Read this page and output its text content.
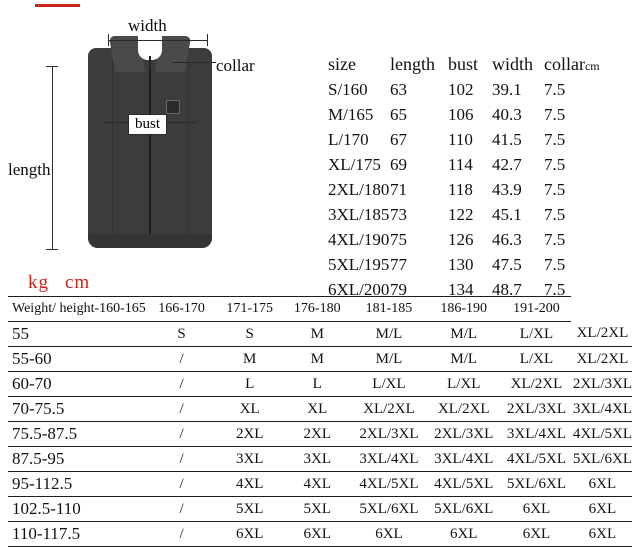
width
collar
length
bust
size	length	bust	width	collarcm
S/160	63	102	39.1	7.5
M/165	65	106	40.3	7.5
L/170	67	110	41.5	7.5
XL/175	69	114	42.7	7.5
2XL/180	71	118	43.9	7.5
3XL/185	73	122	45.1	7.5
4XL/190	75	126	46.3	7.5
5XL/195	77	130	47.5	7.5
6XL/200	79	134	48.7	7.5
kg cm
Weight/ height-160-165	166-170	171-175	176-180	181-185	186-190	191-200	
55	S	S	M	M/L	M/L	L/XL	XL/2XL
55-60	/	M	M	M/L	M/L	L/XL	XL/2XL
60-70	/	L	L	L/XL	L/XL	XL/2XL	2XL/3XL
70-75.5	/	XL	XL	XL/2XL	XL/2XL	2XL/3XL	3XL/4XL
75.5-87.5	/	2XL	2XL	2XL/3XL	2XL/3XL	3XL/4XL	4XL/5XL
87.5-95	/	3XL	3XL	3XL/4XL	3XL/4XL	4XL/5XL	5XL/6XL
95-112.5	/	4XL	4XL	4XL/5XL	4XL/5XL	5XL/6XL	6XL
102.5-110	/	5XL	5XL	5XL/6XL	5XL/6XL	6XL	6XL
110-117.5	/	6XL	6XL	6XL	6XL	6XL	6XL
